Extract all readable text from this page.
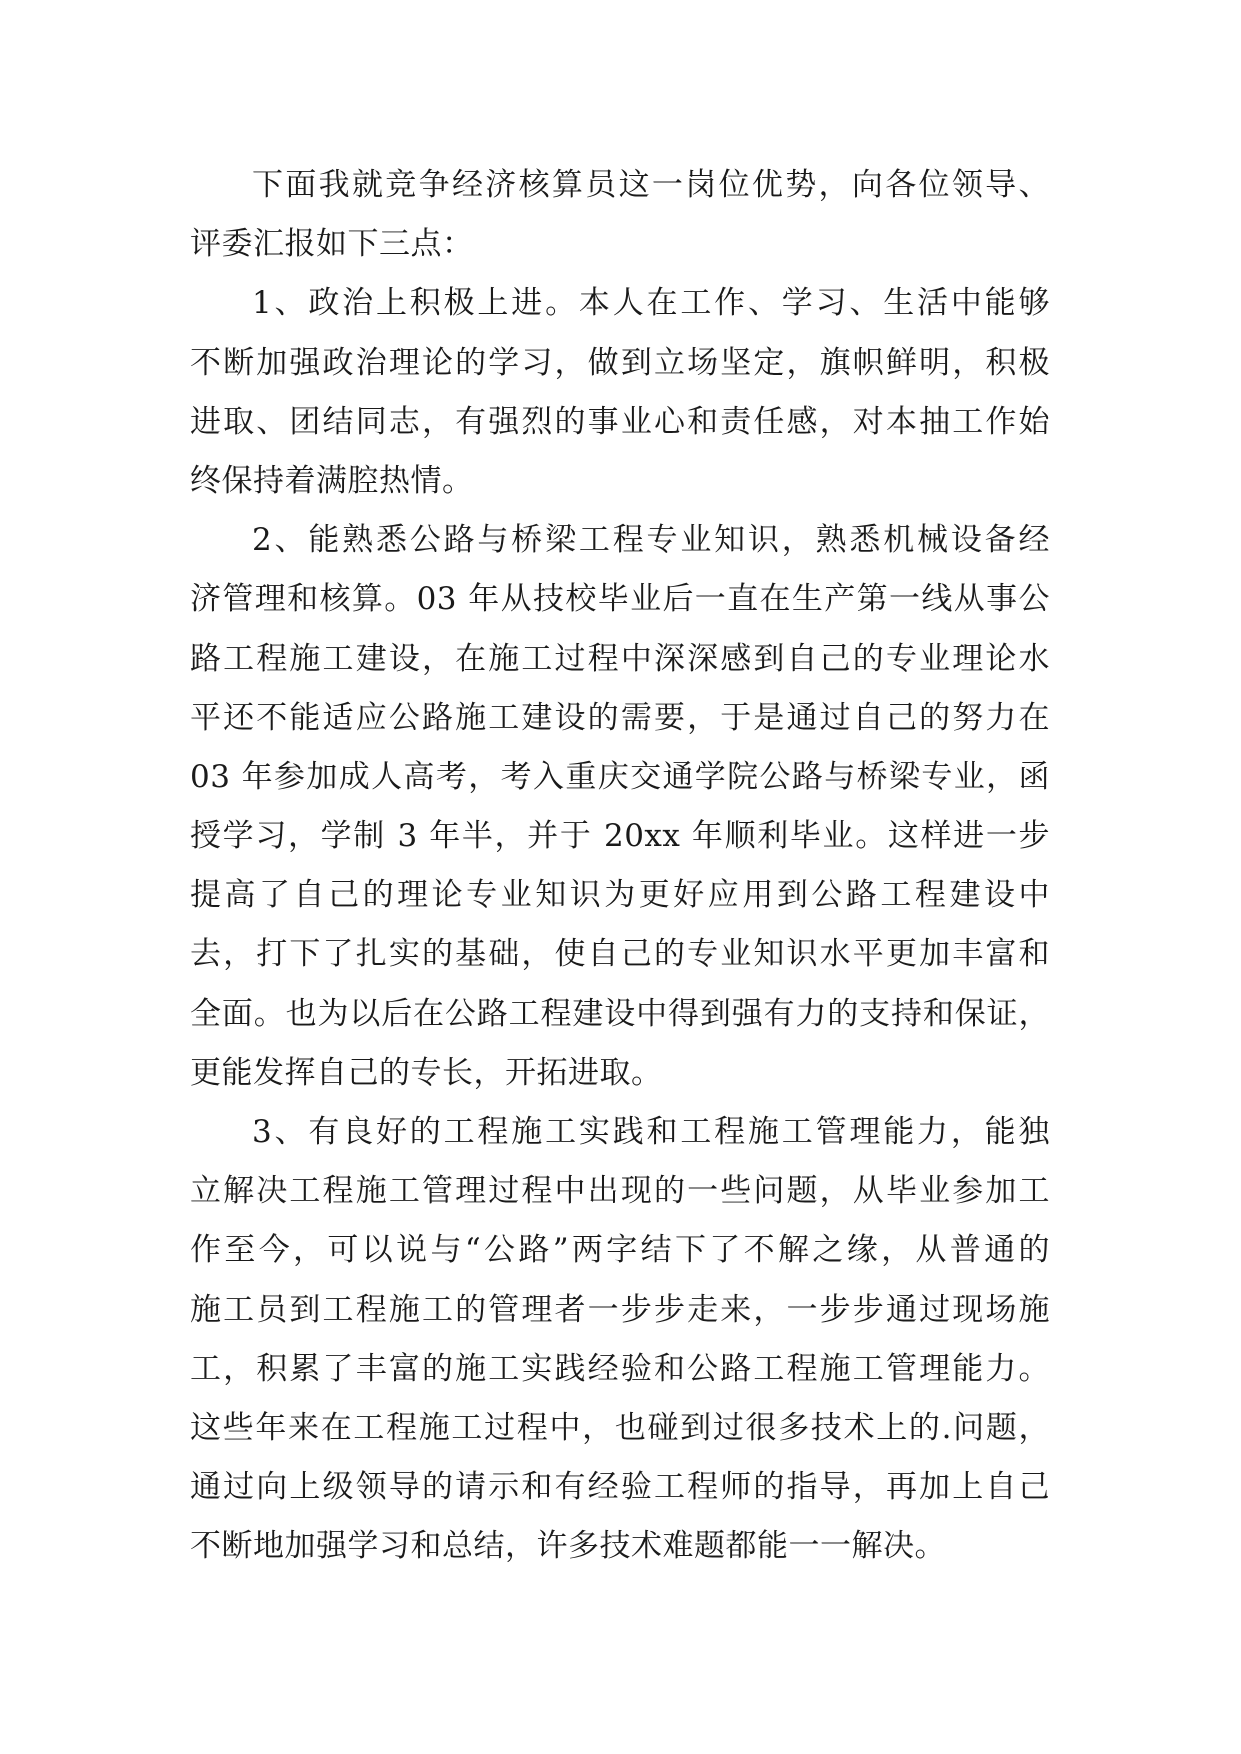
下面我就竞争经济核算员这一岗位优势，向各位领导、
评委汇报如下三点：
1、政治上积极上进。本人在工作、学习、生活中能够
不断加强政治理论的学习，做到立场坚定，旗帜鲜明，积极
进取、团结同志，有强烈的事业心和责任感，对本抽工作始
终保持着满腔热情。
2、能熟悉公路与桥梁工程专业知识，熟悉机械设备经
济管理和核算。03 年从技校毕业后一直在生产第一线从事公
路工程施工建设，在施工过程中深深感到自己的专业理论水
平还不能适应公路施工建设的需要，于是通过自己的努力在
03 年参加成人高考，考入重庆交通学院公路与桥梁专业，函
授学习，学制 3 年半，并于 20xx 年顺利毕业。这样进一步
提高了自己的理论专业知识为更好应用到公路工程建设中
去，打下了扎实的基础，使自己的专业知识水平更加丰富和
全面。也为以后在公路工程建设中得到强有力的支持和保证，
更能发挥自己的专长，开拓进取。
3、有良好的工程施工实践和工程施工管理能力，能独
立解决工程施工管理过程中出现的一些问题，从毕业参加工
作至今，可以说与“公路”两字结下了不解之缘，从普通的
施工员到工程施工的管理者一步步走来，一步步通过现场施
工，积累了丰富的施工实践经验和公路工程施工管理能力。
这些年来在工程施工过程中，也碰到过很多技术上的.问题，
通过向上级领导的请示和有经验工程师的指导，再加上自己
不断地加强学习和总结，许多技术难题都能一一解决。
